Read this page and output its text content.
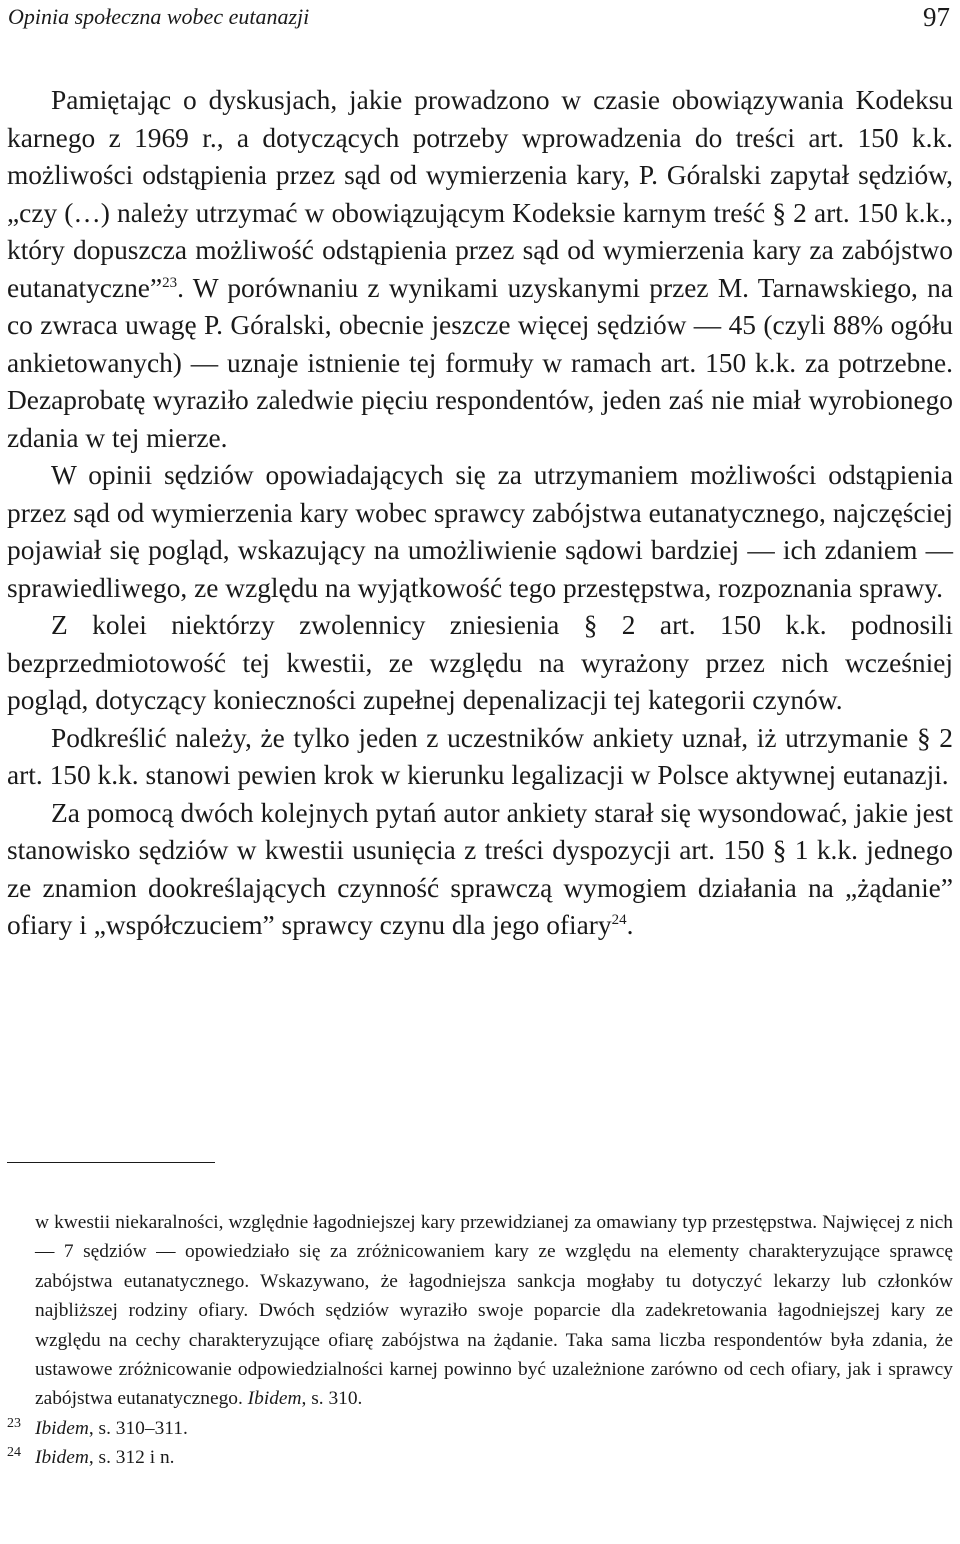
Opinia społeczna wobec eutanazji	97

Pamiętając o dyskusjach, jakie prowadzono w czasie obowiązywania Kodeksu karnego z 1969 r., a dotyczących potrzeby wprowadzenia do treści art. 150 k.k. możliwości odstąpienia przez sąd od wymierzenia kary, P. Góralski zapytał sędziów, „czy (…) należy utrzymać w obowiązującym Kodeksie karnym treść § 2 art. 150 k.k., który dopuszcza możliwość odstąpienia przez sąd od wymierzenia kary za zabójstwo eutanatyczne”$^{23}$. W porównaniu z wynikami uzyskanymi przez M. Tarnawskiego, na co zwraca uwagę P. Góralski, obecnie jeszcze więcej sędziów — 45 (czyli 88% ogółu ankietowanych) — uznaje istnienie tej formuły w ramach art. 150 k.k. za potrzebne. Dezaprobatę wyraziło zaledwie pięciu respondentów, jeden zaś nie miał wyrobionego zdania w tej mierze.

W opinii sędziów opowiadających się za utrzymaniem możliwości odstąpienia przez sąd od wymierzenia kary wobec sprawcy zabójstwa eutanatycznego, najczęściej pojawiał się pogląd, wskazujący na umożliwienie sądowi bardziej — ich zdaniem — sprawiedliwego, ze względu na wyjątkowość tego przestępstwa, rozpoznania sprawy.

Z kolei niektórzy zwolennicy zniesienia § 2 art. 150 k.k. podnosili bezprzedmiotowość tej kwestii, ze względu na wyrażony przez nich wcześniej pogląd, dotyczący konieczności zupełnej depenalizacji tej kategorii czynów.

Podkreślić należy, że tylko jeden z uczestników ankiety uznał, iż utrzymanie § 2 art. 150 k.k. stanowi pewien krok w kierunku legalizacji w Polsce aktywnej eutanazji.

Za pomocą dwóch kolejnych pytań autor ankiety starał się wysondować, jakie jest stanowisko sędziów w kwestii usunięcia z treści dyspozycji art. 150 § 1 k.k. jednego ze znamion dookreślających czynność sprawczą wymogiem działania na „żądanie” ofiary i „współczuciem” sprawcy czynu dla jego ofiary$^{24}$.

w kwestii niekaralności, względnie łagodniejszej kary przewidzianej za omawiany typ przestępstwa. Najwięcej z nich — 7 sędziów — opowiedziało się za zróżnicowaniem kary ze względu na elementy charakteryzujące sprawcę zabójstwa eutanatycznego. Wskazywano, że łagodniejsza sankcja mogłaby tu dotyczyć lekarzy lub członków najbliższej rodziny ofiary. Dwóch sędziów wyraziło swoje poparcie dla zadekretowania łagodniejszej kary ze względu na cechy charakteryzujące ofiarę zabójstwa na żądanie. Taka sama liczba respondentów była zdania, że ustawowe zróżnicowanie odpowiedzialności karnej powinno być uzależnione zarówno od cech ofiary, jak i sprawcy zabójstwa eutanatycznego. Ibidem, s. 310.

23 Ibidem, s. 310–311.

24 Ibidem, s. 312 i n.
